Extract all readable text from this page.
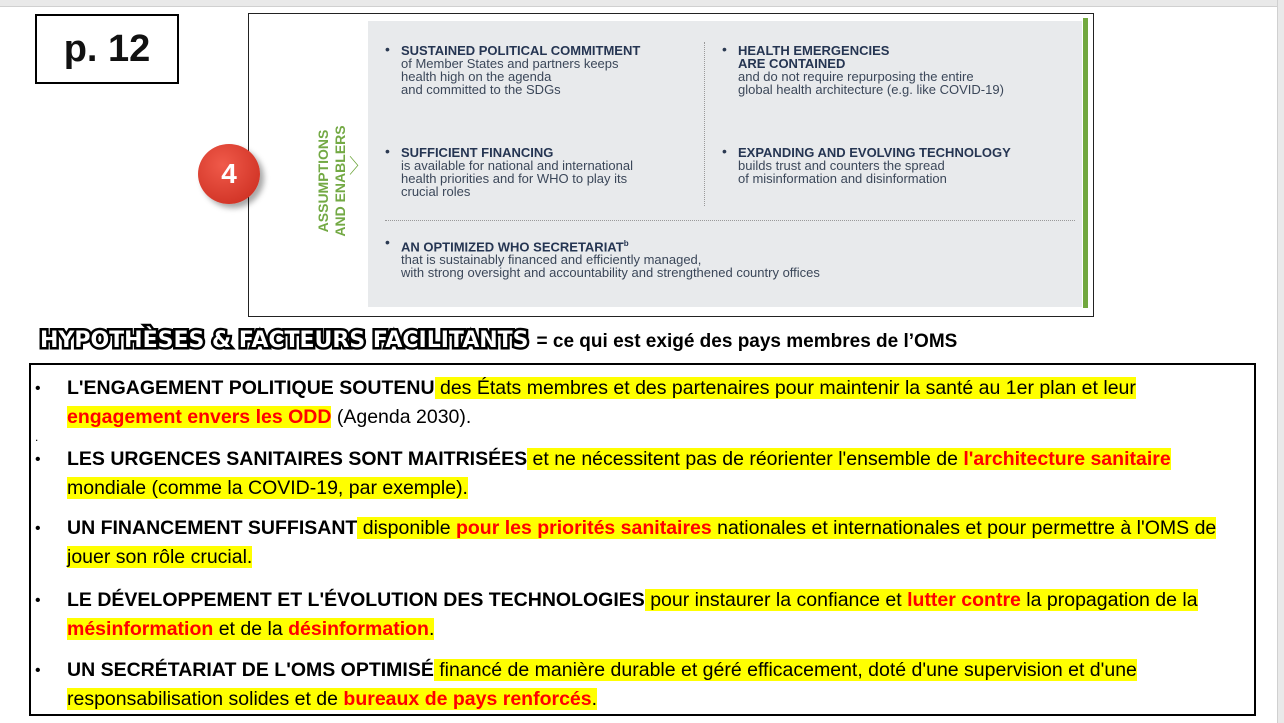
p. 12
4	ASSUMPTIONS AND ENABLERS 〉
• SUSTAINED POLITICAL COMMITMENT
of Member States and partners keeps
health high on the agenda
and committed to the SDGs
• HEALTH EMERGENCIES
ARE CONTAINED
and do not require repurposing the entire
global health architecture (e.g. like COVID-19)
• SUFFICIENT FINANCING
is available for national and international
health priorities and for WHO to play its
crucial roles
• EXPANDING AND EVOLVING TECHNOLOGY
builds trust and counters the spread
of misinformation and disinformation
• AN OPTIMIZED WHO SECRETARIAT$^b$
that is sustainably financed and efficiently managed,
with strong oversight and accountability and strengthened country offices
HYPOTHÈSES & FACTEURS FACILITANTS = ce qui est exigé des pays membres de l’OMS
.
• L'ENGAGEMENT POLITIQUE SOUTENU des États membres et des partenaires pour maintenir la santé au 1er plan et leur engagement envers les ODD (Agenda 2030).
• LES URGENCES SANITAIRES SONT MAITRISÉES et ne nécessitent pas de réorienter l'ensemble de l'architecture sanitaire mondiale (comme la COVID-19, par exemple).
• UN FINANCEMENT SUFFISANT disponible pour les priorités sanitaires nationales et internationales et pour permettre à l'OMS de jouer son rôle crucial.
• LE DÉVELOPPEMENT ET L'ÉVOLUTION DES TECHNOLOGIES pour instaurer la confiance et lutter contre la propagation de la mésinformation et de la désinformation.
• UN SECRÉTARIAT DE L'OMS OPTIMISÉ financé de manière durable et géré efficacement, doté d'une supervision et d'une responsabilisation solides et de bureaux de pays renforcés.
